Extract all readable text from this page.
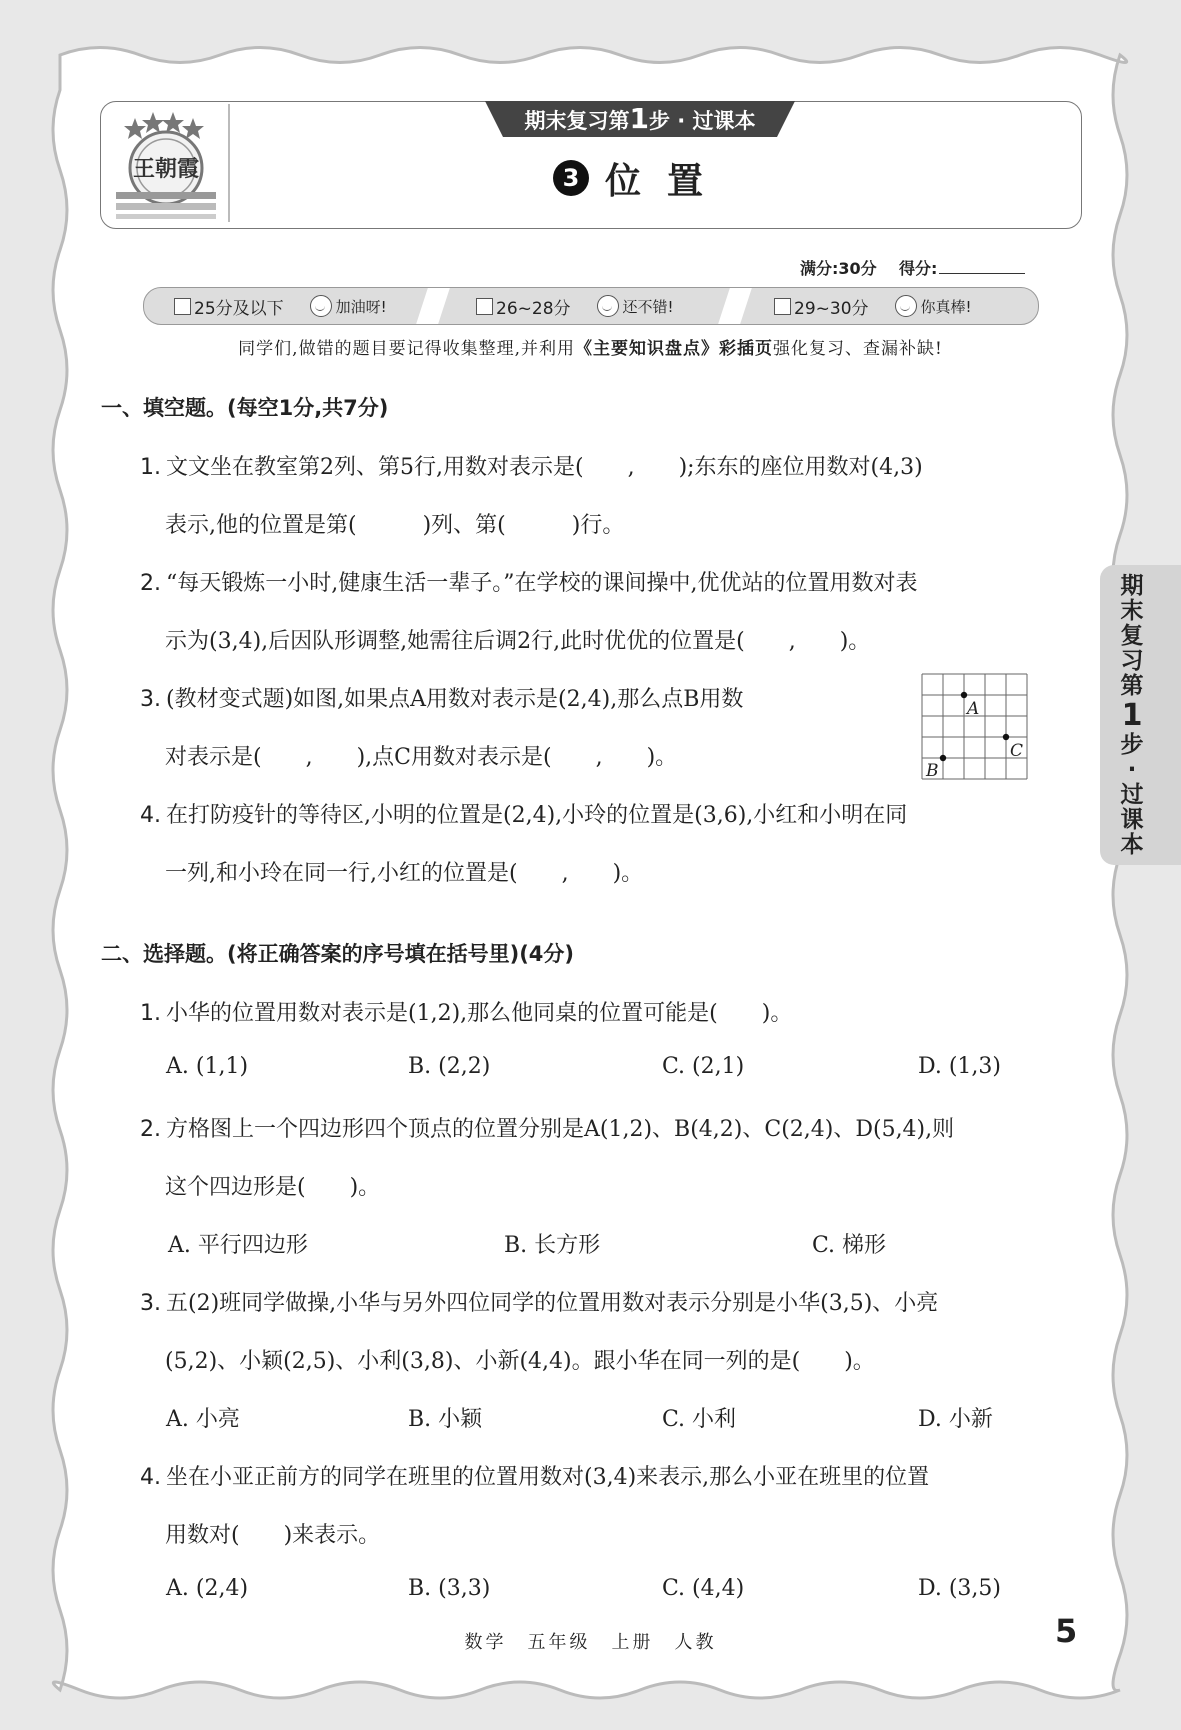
王朝霞
期末复习第1步 · 过课本
3 位置
满分:30分 得分:
25分及以下	加油呀!	26~28分	还不错!	29~30分	你真棒!
同学们,做错的题目要记得收集整理,并利用《主要知识盘点》彩插页强化复习、查漏补缺!
一、填空题。(每空1分,共7分)
1. 文文坐在教室第2列、第5行,用数对表示是(　　,　　);东东的座位用数对(4,3)
表示,他的位置是第(　　　)列、第(　　　)行。
2. “每天锻炼一小时,健康生活一辈子。”在学校的课间操中,优优站的位置用数对表
示为(3,4),后因队形调整,她需往后调2行,此时优优的位置是(　　,　　)。
3. (教材变式题)如图,如果点A用数对表示是(2,4),那么点B用数
对表示是(　　,　　),点C用数对表示是(　　,　　)。
A
B
C
4. 在打防疫针的等待区,小明的位置是(2,4),小玲的位置是(3,6),小红和小明在同
一列,和小玲在同一行,小红的位置是(　　,　　)。
二、选择题。(将正确答案的序号填在括号里)(4分)
1. 小华的位置用数对表示是(1,2),那么他同桌的位置可能是(　　)。
A. (1,1)	B. (2,2)	C. (2,1)	D. (1,3)
2. 方格图上一个四边形四个顶点的位置分别是A(1,2)、B(4,2)、C(2,4)、D(5,4),则
这个四边形是(　　)。
A. 平行四边形	B. 长方形	C. 梯形
3. 五(2)班同学做操,小华与另外四位同学的位置用数对表示分别是小华(3,5)、小亮
(5,2)、小颖(2,5)、小利(3,8)、小新(4,4)。跟小华在同一列的是(　　)。
A. 小亮	B. 小颖	C. 小利	D. 小新
4. 坐在小亚正前方的同学在班里的位置用数对(3,4)来表示,那么小亚在班里的位置
用数对(　　)来表示。
A. (2,4)	B. (3,3)	C. (4,4)	D. (3,5)
期
末
复
习
第
1
步
·
过
课
本
数学　五年级　上册　人教	5
